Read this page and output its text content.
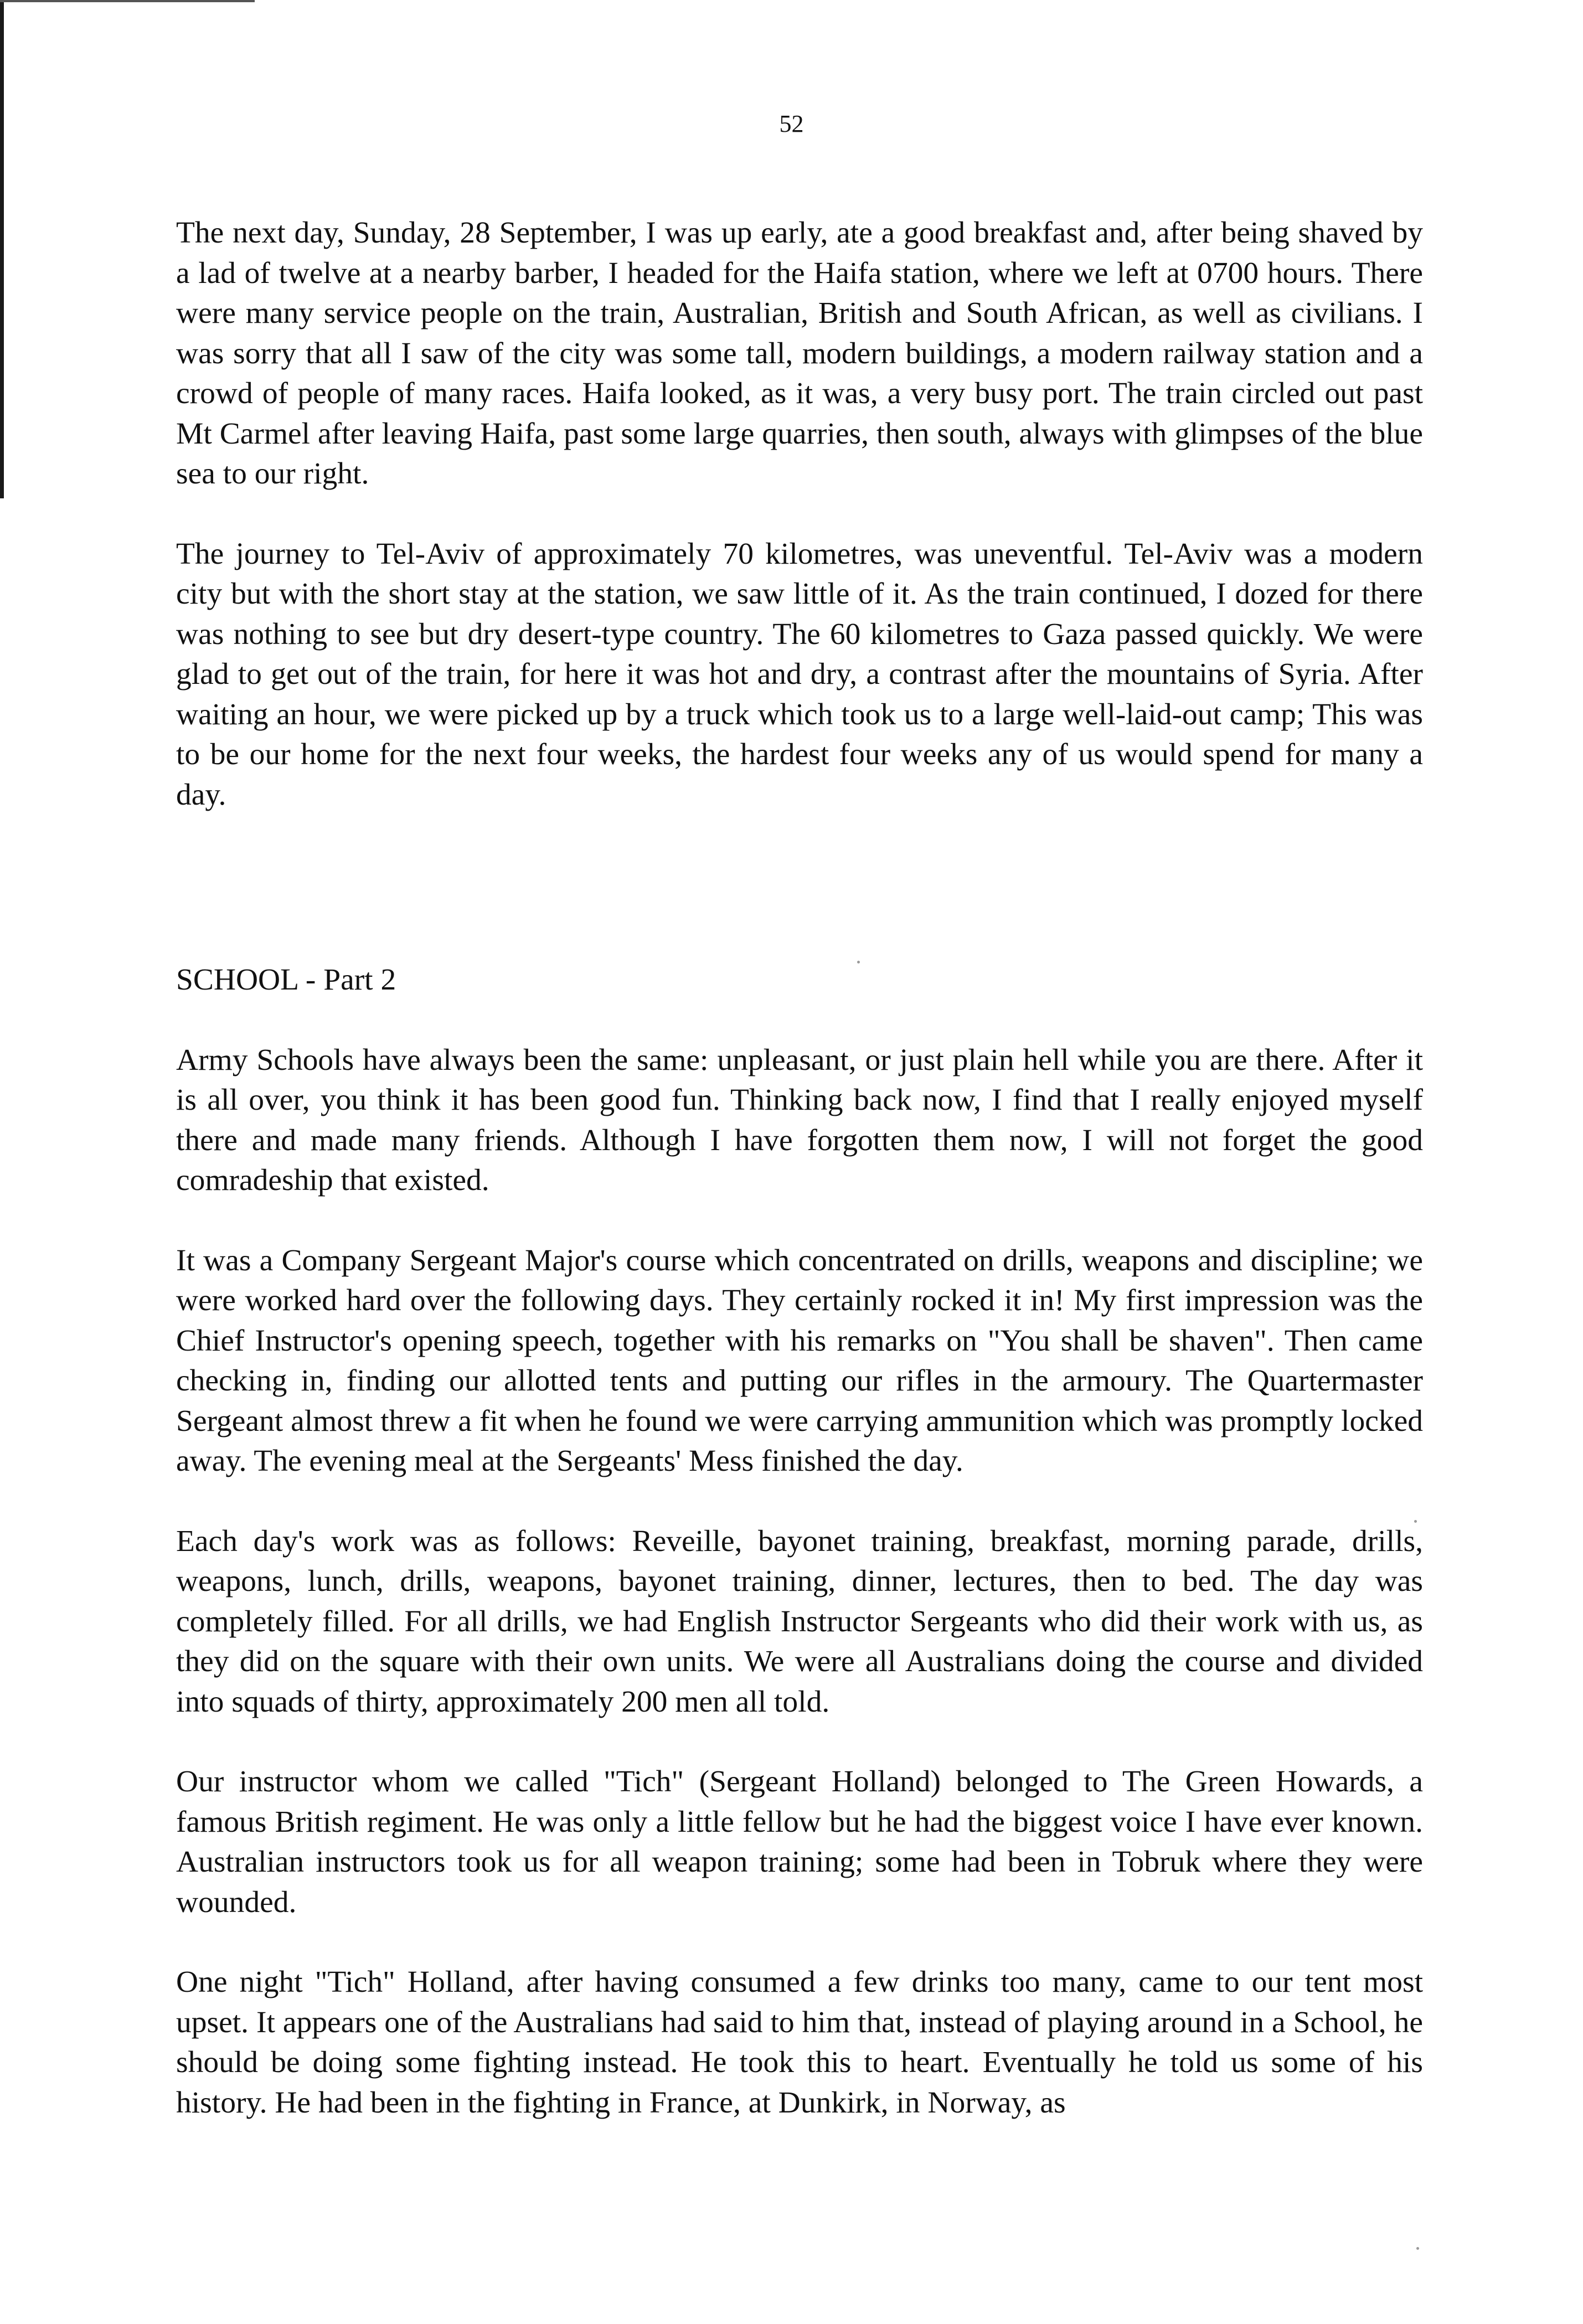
52

The next day, Sunday, 28 September, I was up early, ate a good breakfast and, after being shaved by a lad of twelve at a nearby barber, I headed for the Haifa station, where we left at 0700 hours. There were many service people on the train, Australian, British and South African, as well as civilians. I was sorry that all I saw of the city was some tall, modern buildings, a modern railway station and a crowd of people of many races. Haifa looked, as it was, a very busy port. The train circled out past Mt Carmel after leaving Haifa, past some large quarries, then south, always with glimpses of the blue sea to our right.

The journey to Tel-Aviv of approximately 70 kilometres, was uneventful. Tel-Aviv was a modern city but with the short stay at the station, we saw little of it. As the train continued, I dozed for there was nothing to see but dry desert-type country. The 60 kilometres to Gaza passed quickly. We were glad to get out of the train, for here it was hot and dry, a contrast after the mountains of Syria. After waiting an hour, we were picked up by a truck which took us to a large well-laid-out camp; This was to be our home for the next four weeks, the hardest four weeks any of us would spend for many a day.

SCHOOL - Part 2

Army Schools have always been the same: unpleasant, or just plain hell while you are there. After it is all over, you think it has been good fun. Thinking back now, I find that I really enjoyed myself there and made many friends. Although I have forgotten them now, I will not forget the good comradeship that existed.

It was a Company Sergeant Major's course which concentrated on drills, weapons and discipline; we were worked hard over the following days. They certainly rocked it in! My first impression was the Chief Instructor's opening speech, together with his remarks on "You shall be shaven". Then came checking in, finding our allotted tents and putting our rifles in the armoury. The Quartermaster Sergeant almost threw a fit when he found we were carrying ammunition which was promptly locked away. The evening meal at the Sergeants' Mess finished the day.

Each day's work was as follows: Reveille, bayonet training, breakfast, morning parade, drills, weapons, lunch, drills, weapons, bayonet training, dinner, lectures, then to bed. The day was completely filled. For all drills, we had English Instructor Sergeants who did their work with us, as they did on the square with their own units. We were all Australians doing the course and divided into squads of thirty, approximately 200 men all told.

Our instructor whom we called "Tich" (Sergeant Holland) belonged to The Green Howards, a famous British regiment. He was only a little fellow but he had the biggest voice I have ever known. Australian instructors took us for all weapon training; some had been in Tobruk where they were wounded.

One night "Tich" Holland, after having consumed a few drinks too many, came to our tent most upset. It appears one of the Australians had said to him that, instead of playing around in a School, he should be doing some fighting instead. He took this to heart. Eventually he told us some of his history. He had been in the fighting in France, at Dunkirk, in Norway, as
